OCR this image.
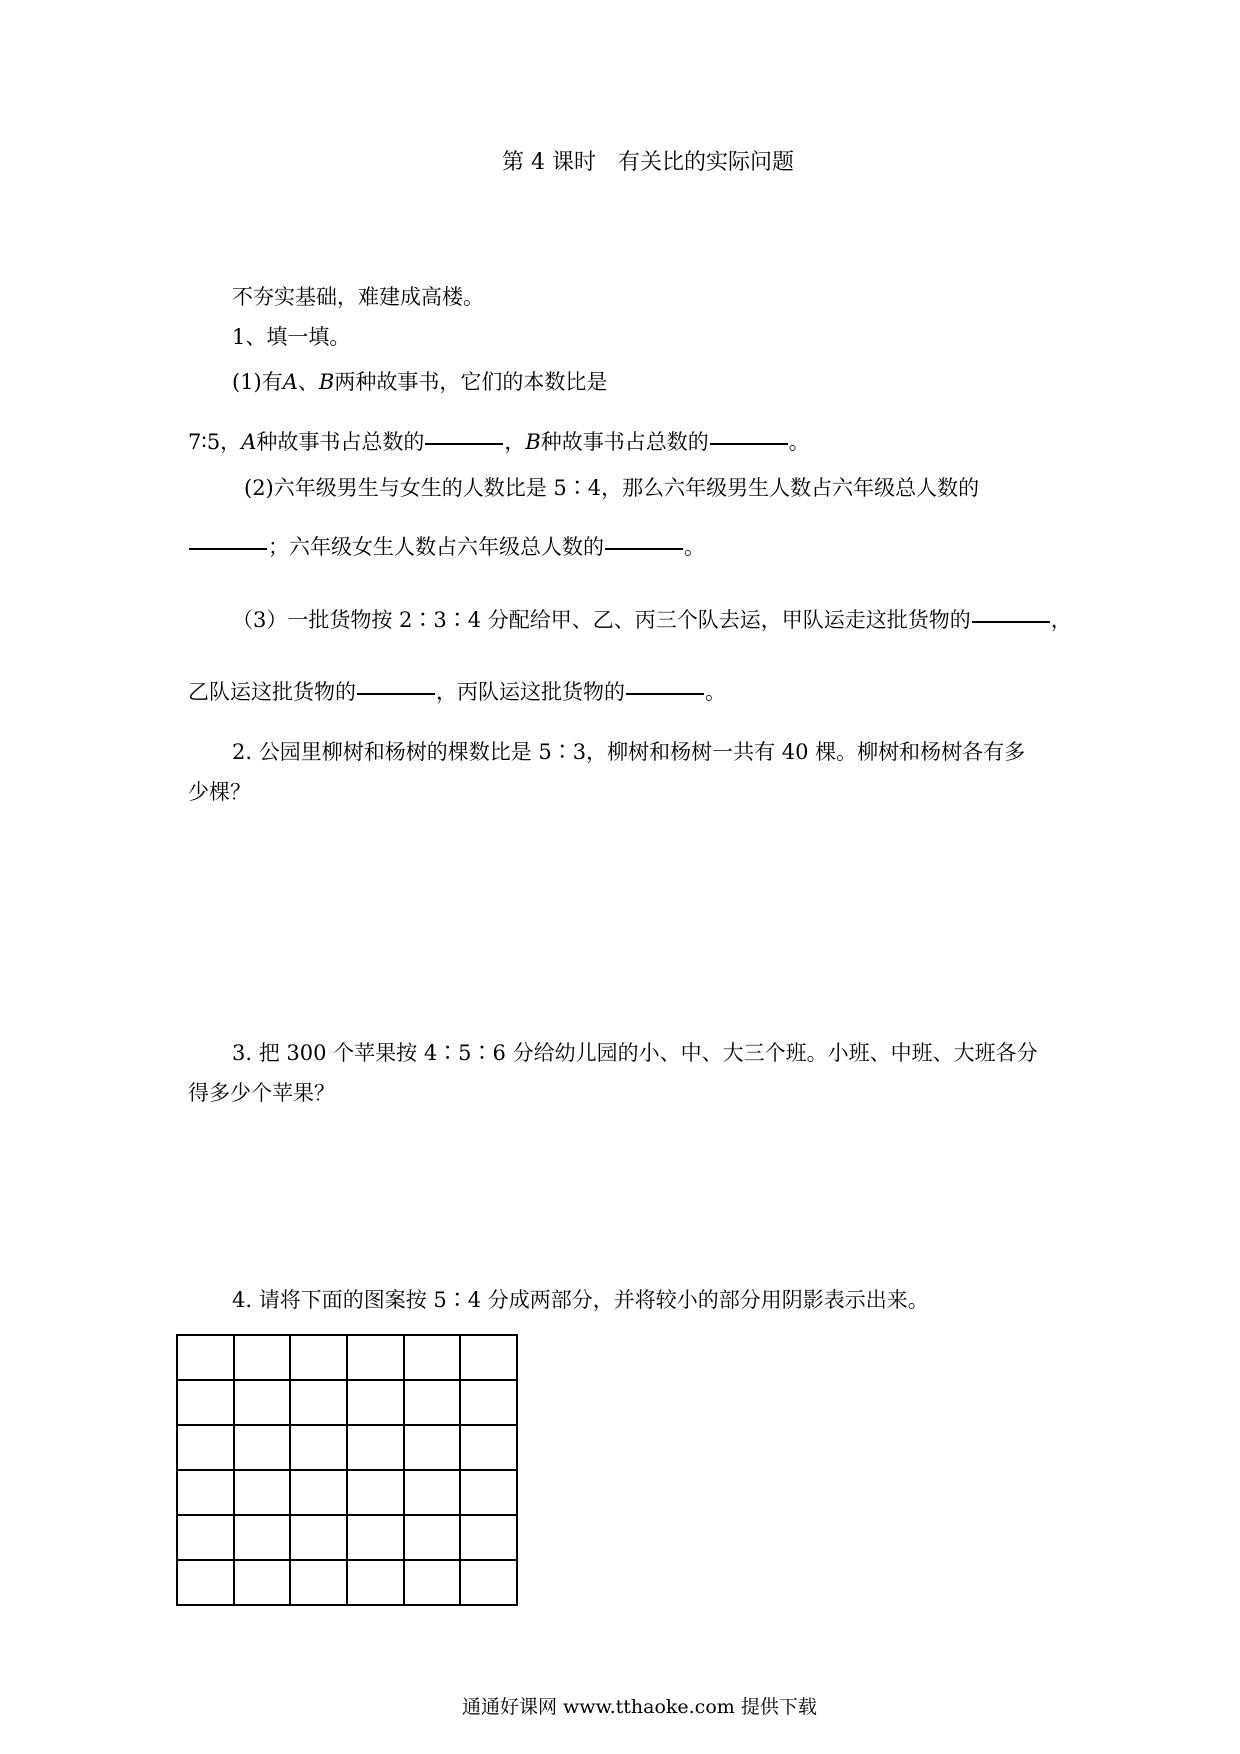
第 4 课时　有关比的实际问题
不夯实基础，难建成高楼。
1、填一填。
(1)有A、B两种故事书，它们的本数比是
7∶5，A种故事书占总数的	，B种故事书占总数的	。
(2)六年级男生与女生的人数比是 5∶4，那么六年级男生人数占六年级总人数的
；六年级女生人数占六年级总人数的	。
（3）一批货物按 2∶3∶4 分配给甲、乙、丙三个队去运，甲队运走这批货物的	，
乙队运这批货物的	，丙队运这批货物的	。
2. 公园里柳树和杨树的棵数比是 5∶3，柳树和杨树一共有 40 棵。柳树和杨树各有多
少棵？
3. 把 300 个苹果按 4∶5∶6 分给幼儿园的小、中、大三个班。小班、中班、大班各分
得多少个苹果？
4. 请将下面的图案按 5∶4 分成两部分，并将较小的部分用阴影表示出来。
通通好课网 www.tthaoke.com 提供下载
